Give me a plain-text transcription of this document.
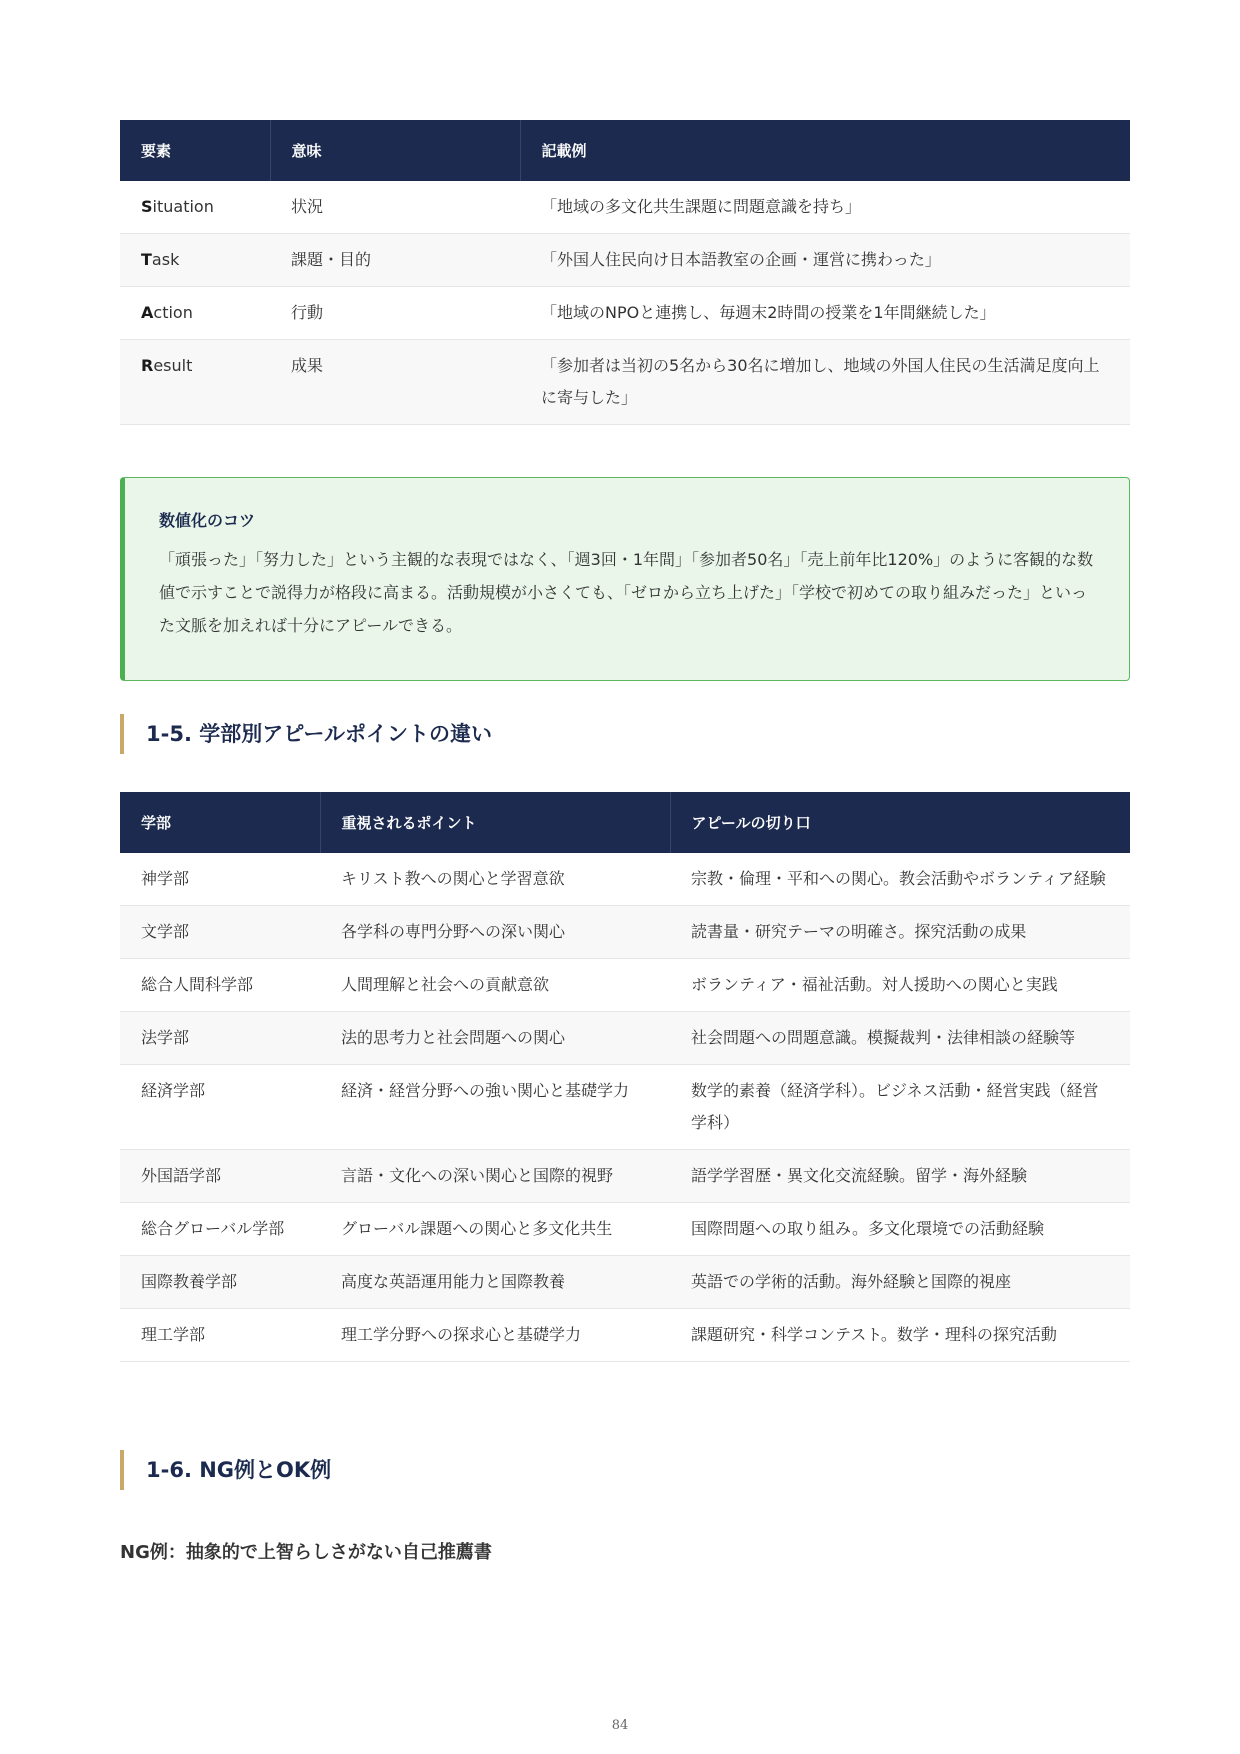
要素	意味	記載例
Situation	状況	「地域の多文化共生課題に問題意識を持ち」
Task	課題・目的	「外国人住民向け日本語教室の企画・運営に携わった」
Action	行動	「地域のNPOと連携し、毎週末2時間の授業を1年間継続した」
Result	成果	「参加者は当初の5名から30名に増加し、地域の外国人住民の生活満足度向上に寄与した」

数値化のコツ

「頑張った」「努力した」という主観的な表現ではなく、「週3回・1年間」「参加者50名」「売上前年比120%」のように客観的な数値で示すことで説得力が格段に高まる。活動規模が小さくても、「ゼロから立ち上げた」「学校で初めての取り組みだった」といった文脈を加えれば十分にアピールできる。

1-5. 学部別アピールポイントの違い
学部	重視されるポイント	アピールの切り口
神学部	キリスト教への関心と学習意欲	宗教・倫理・平和への関心。教会活動やボランティア経験
文学部	各学科の専門分野への深い関心	読書量・研究テーマの明確さ。探究活動の成果
総合人間科学部	人間理解と社会への貢献意欲	ボランティア・福祉活動。対人援助への関心と実践
法学部	法的思考力と社会問題への関心	社会問題への問題意識。模擬裁判・法律相談の経験等
経済学部	経済・経営分野への強い関心と基礎学力	数学的素養（経済学科）。ビジネス活動・経営実践（経営学科）
外国語学部	言語・文化への深い関心と国際的視野	語学学習歴・異文化交流経験。留学・海外経験
総合グローバル学部	グローバル課題への関心と多文化共生	国際問題への取り組み。多文化環境での活動経験
国際教養学部	高度な英語運用能力と国際教養	英語での学術的活動。海外経験と国際的視座
理工学部	理工学分野への探求心と基礎学力	課題研究・科学コンテスト。数学・理科の探究活動
1-6. NG例とOK例
NG例：抽象的で上智らしさがない自己推薦書
84
